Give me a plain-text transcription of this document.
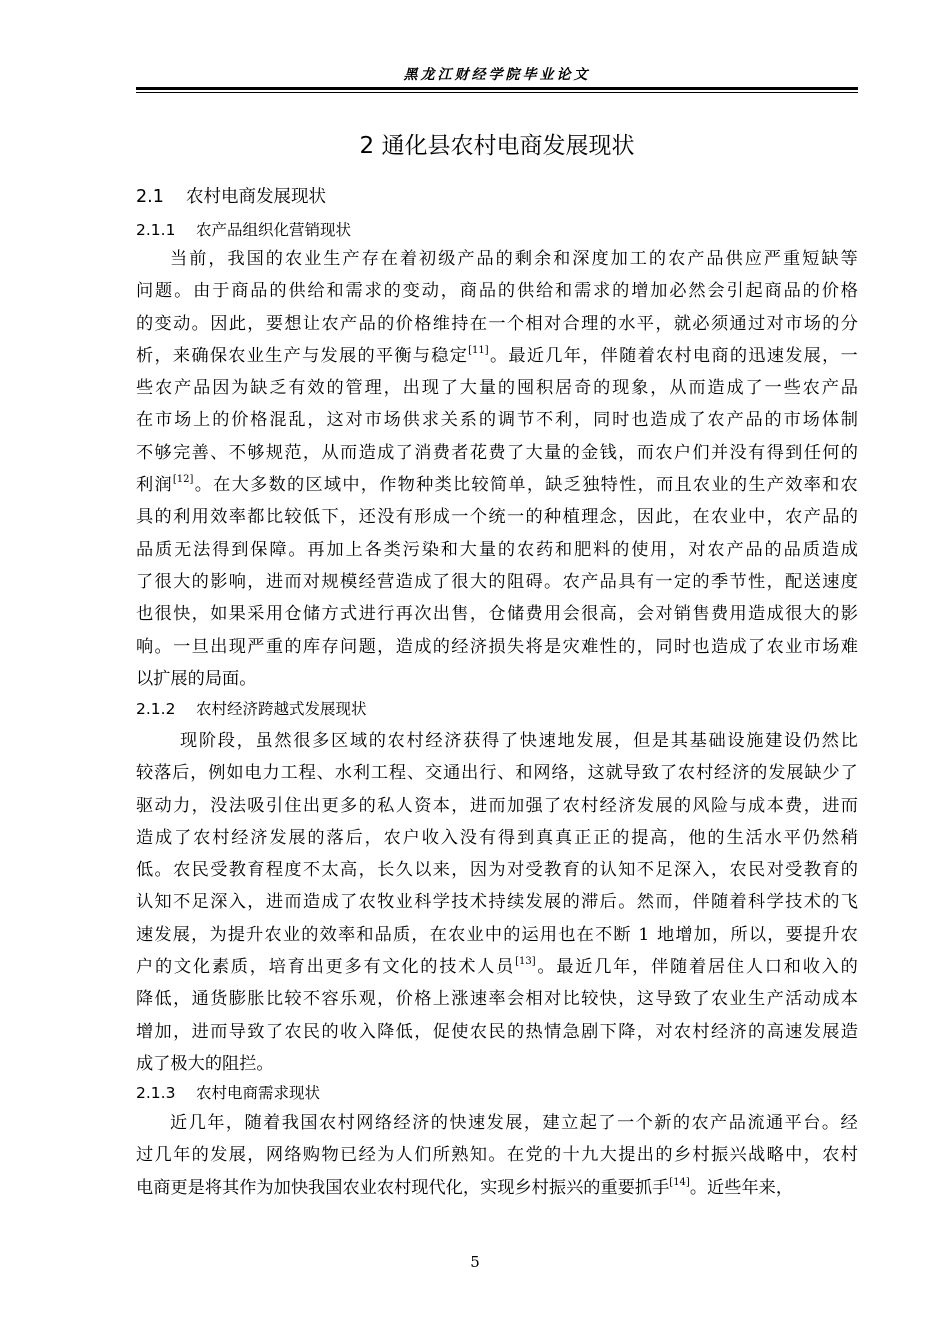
黑龙江财经学院毕业论文
2 通化县农村电商发展现状
2.1 农村电商发展现状
2.1.1 农产品组织化营销现状
当 前 ， 我 国 的 农 业 生 产 存 在 着 初 级 产 品 的 剩 余 和 深 度 加 工 的 农 产 品 供 应 严 重 短 缺 等
问 题 。 由 于 商 品 的 供 给 和 需 求 的 变 动 ， 商 品 的 供 给 和 需 求 的 增 加 必 然 会 引 起 商 品 的 价 格
的 变 动 。 因 此 ， 要 想 让 农 产 品 的 价 格 维 持 在 一 个 相 对 合 理 的 水 平 ， 就 必 须 通 过 对 市 场 的 分
析 ， 来 确 保 农 业 生 产 与 发 展 的 平 衡 与 稳 定 [11] 。 最 近 几 年 ， 伴 随 着 农 村 电 商 的 迅 速 发 展 ， 一
些 农 产 品 因 为 缺 乏 有 效 的 管 理 ， 出 现 了 大 量 的 囤 积 居 奇 的 现 象 ， 从 而 造 成 了 一 些 农 产 品
在 市 场 上 的 价 格 混 乱 ， 这 对 市 场 供 求 关 系 的 调 节 不 利 ， 同 时 也 造 成 了 农 产 品 的 市 场 体 制
不 够 完 善 、 不 够 规 范 ， 从 而 造 成 了 消 费 者 花 费 了 大 量 的 金 钱 ， 而 农 户 们 并 没 有 得 到 任 何 的
利 润 [12] 。 在 大 多 数 的 区 域 中 ， 作 物 种 类 比 较 简 单 ， 缺 乏 独 特 性 ， 而 且 农 业 的 生 产 效 率 和 农
具 的 利 用 效 率 都 比 较 低 下 ， 还 没 有 形 成 一 个 统 一 的 种 植 理 念 ， 因 此 ， 在 农 业 中 ， 农 产 品 的
品 质 无 法 得 到 保 障 。 再 加 上 各 类 污 染 和 大 量 的 农 药 和 肥 料 的 使 用 ， 对 农 产 品 的 品 质 造 成
了 很 大 的 影 响 ， 进 而 对 规 模 经 营 造 成 了 很 大 的 阻 碍 。 农 产 品 具 有 一 定 的 季 节 性 ， 配 送 速 度
也 很 快 ， 如 果 采 用 仓 储 方 式 进 行 再 次 出 售 ， 仓 储 费 用 会 很 高 ， 会 对 销 售 费 用 造 成 很 大 的 影
响 。 一 旦 出 现 严 重 的 库 存 问 题 ， 造 成 的 经 济 损 失 将 是 灾 难 性 的 ， 同 时 也 造 成 了 农 业 市 场 难
以 扩 展 的 局 面 。
2.1.2 农村经济跨越式发展现状
现 阶 段 ， 虽 然 很 多 区 域 的 农 村 经 济 获 得 了 快 速 地 发 展 ， 但 是 其 基 础 设 施 建 设 仍 然 比
较 落 后 ， 例 如 电 力 工 程 、 水 利 工 程 、 交 通 出 行 、 和 网 络 ， 这 就 导 致 了 农 村 经 济 的 发 展 缺 少 了
驱 动 力 ， 没 法 吸 引 住 出 更 多 的 私 人 资 本 ， 进 而 加 强 了 农 村 经 济 发 展 的 风 险 与 成 本 费 ， 进 而
造 成 了 农 村 经 济 发 展 的 落 后 ， 农 户 收 入 没 有 得 到 真 真 正 正 的 提 高 ， 他 的 生 活 水 平 仍 然 稍
低 。 农 民 受 教 育 程 度 不 太 高 ， 长 久 以 来 ， 因 为 对 受 教 育 的 认 知 不 足 深 入 ， 农 民 对 受 教 育 的
认 知 不 足 深 入 ， 进 而 造 成 了 农 牧 业 科 学 技 术 持 续 发 展 的 滞 后 。 然 而 ， 伴 随 着 科 学 技 术 的 飞
速 发 展 ， 为 提 升 农 业 的 效 率 和 品 质 ， 在 农 业 中 的 运 用 也 在 不 断
1
地 增 加 ， 所 以 ， 要 提 升 农
户 的 文 化 素 质 ， 培 育 出 更 多 有 文 化 的 技 术 人 员 [13] 。 最 近 几 年 ， 伴 随 着 居 住 人 口 和 收 入 的
降 低 ， 通 货 膨 胀 比 较 不 容 乐 观 ， 价 格 上 涨 速 率 会 相 对 比 较 快 ， 这 导 致 了 农 业 生 产 活 动 成 本
增 加 ， 进 而 导 致 了 农 民 的 收 入 降 低 ， 促 使 农 民 的 热 情 急 剧 下 降 ， 对 农 村 经 济 的 高 速 发 展 造
成 了 极 大 的 阻 拦 。
2.1.3 农村电商需求现状
近 几 年 ， 随 着 我 国 农 村 网 络 经 济 的 快 速 发 展 ， 建 立 起 了 一 个 新 的 农 产 品 流 通 平 台 。 经
过 几 年 的 发 展 ， 网 络 购 物 已 经 为 人 们 所 熟 知 。 在 党 的 十 九 大 提 出 的 乡 村 振 兴 战 略 中 ， 农 村
电 商 更 是 将 其 作 为 加 快 我 国 农 业 农 村 现 代 化 ， 实 现 乡 村 振 兴 的 重 要 抓 手 [14] 。 近 些 年 来 ，
5
